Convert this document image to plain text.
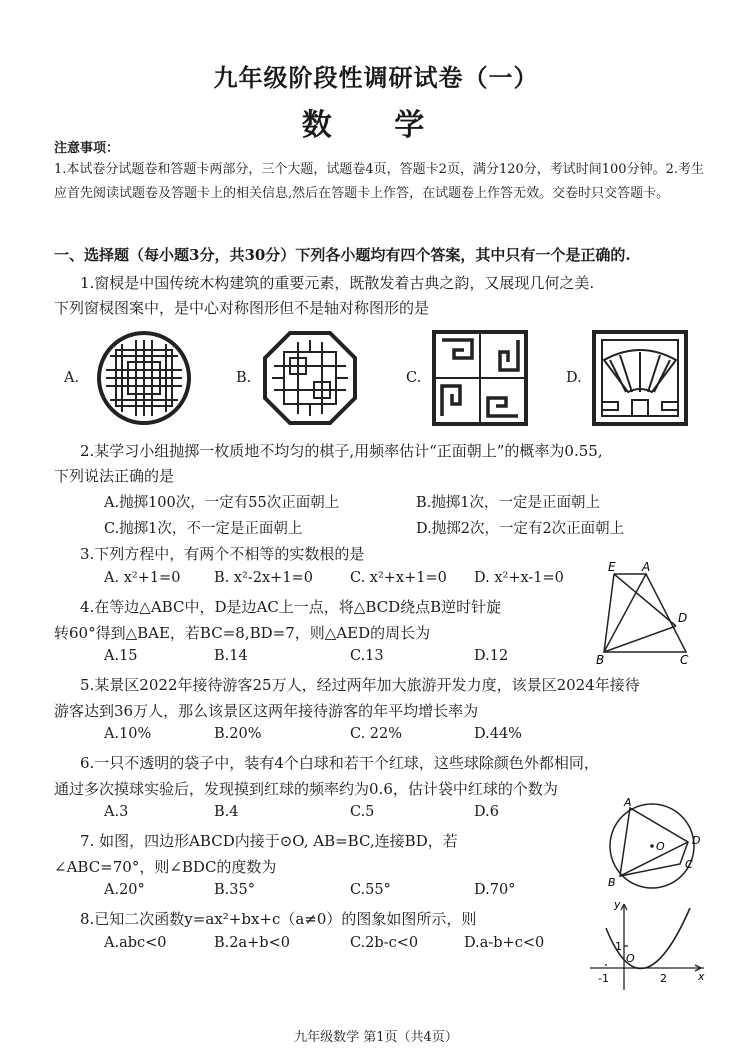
九年级阶段性调研试卷（一）
数 学
注意事项：
1.本试卷分试题卷和答题卡两部分，三个大题，试题卷4页，答题卡2页，满分120分，考试时间100分钟。2.考生应首先阅读试题卷及答题卡上的相关信息,然后在答题卡上作答，在试题卷上作答无效。交卷时只交答题卡。
一、选择题（每小题3分，共30分）下列各小题均有四个答案，其中只有一个是正确的.
1.窗棂是中国传统木构建筑的重要元素，既散发着古典之韵，又展现几何之美.
下列窗棂图案中，是中心对称图形但不是轴对称图形的是
A.	B.	C.	D.
2.某学习小组抛掷一枚质地不均匀的棋子,用频率估计“正面朝上”的概率为0.55,
下列说法正确的是
A.抛掷100次，一定有55次正面朝上	B.抛掷1次，一定是正面朝上
C.抛掷1次，不一定是正面朝上	D.抛掷2次，一定有2次正面朝上
3.下列方程中，有两个不相等的实数根的是
A. x²+1=0 B. x²-2x+1=0	C. x²+x+1=0 D. x²+x-1=0
E A
D
B	C
4.在等边△ABC中，D是边AC上一点，将△BCD绕点B逆时针旋
转60°得到△BAE，若BC=8,BD=7，则△AED的周长为
A.15	B.14	C.13	D.12
5.某景区2022年接待游客25万人，经过两年加大旅游开发力度，该景区2024年接待
游客达到36万人，那么该景区这两年接待游客的年平均增长率为
A.10%	B.20%	C. 22%	D.44%
6.一只不透明的袋子中，装有4个白球和若干个红球，这些球除颜色外都相同，
通过多次摸球实验后，发现摸到红球的频率约为0.6，估计袋中红球的个数为
A.3	B.4	C.5	D.6
A
D
O
C
B
7. 如图，四边形ABCD内接于⊙O, AB=BC,连接BD，若
∠ABC=70°，则∠BDC的度数为
A.20°	B.35°	C.55°	D.70°
8.已知二次函数y=ax²+bx+c（a≠0）的图象如图所示，则
A.abc<0	B.2a+b<0	C.2b-c<0	D.a-b+c<0
y
x
1
O
-1	2
九年级数学 第1页（共4页）
